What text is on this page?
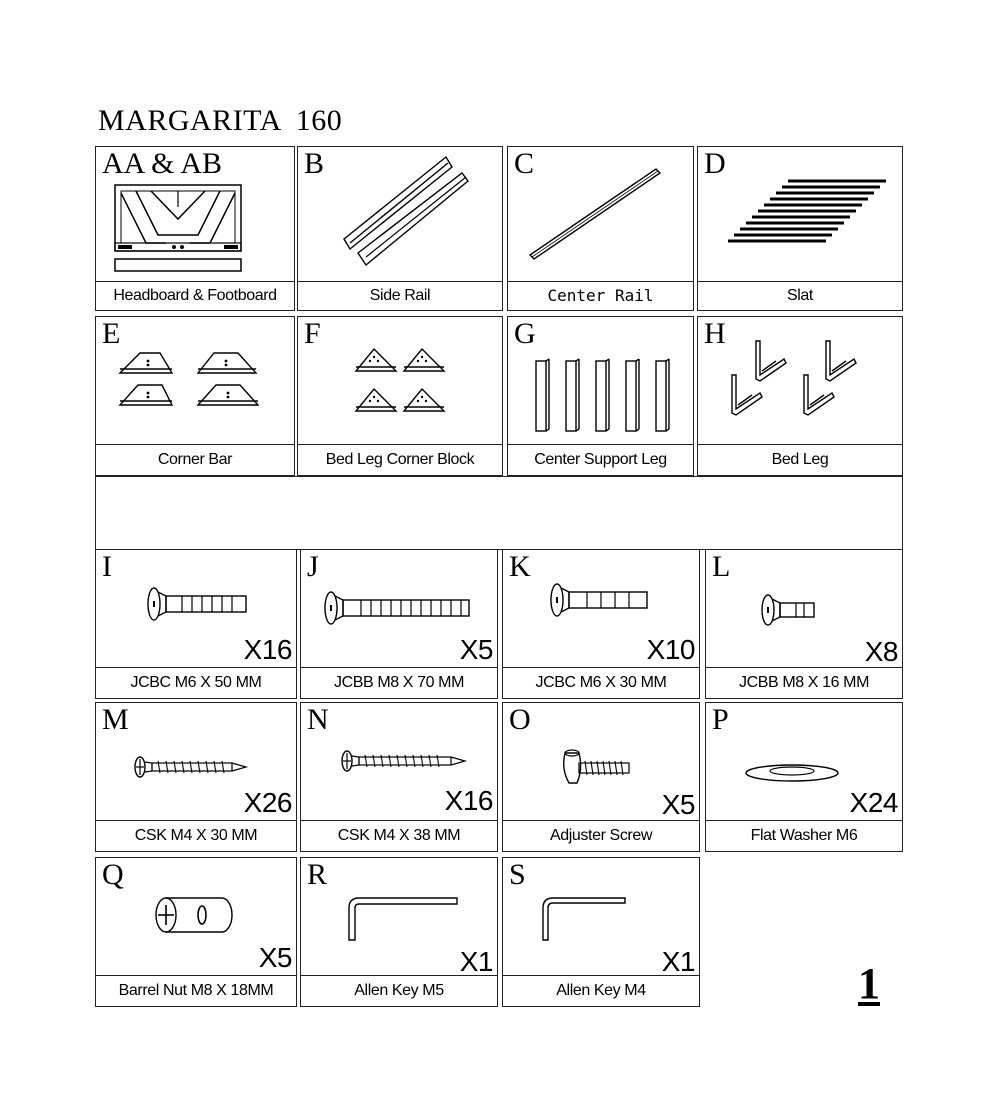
MARGARITA 160
AA & AB
Headboard & Footboard
B
Side Rail
C
Center Rail
D
Slat
E
Corner Bar
F
Bed Leg Corner Block
G
Center Support Leg
H
Bed Leg
I
X16
JCBC M6 X 50 MM
J
X5
JCBB M8 X 70 MM
K
X10
JCBC M6 X 30 MM
L
X8
JCBB M8 X 16 MM
M
X26
CSK M4 X 30 MM
N
X16
CSK M4 X 38 MM
O
X5
Adjuster Screw
P
X24
Flat Washer M6
Q
X5
Barrel Nut M8 X 18MM
R
X1
Allen Key M5
S
X1
Allen Key M4	1
